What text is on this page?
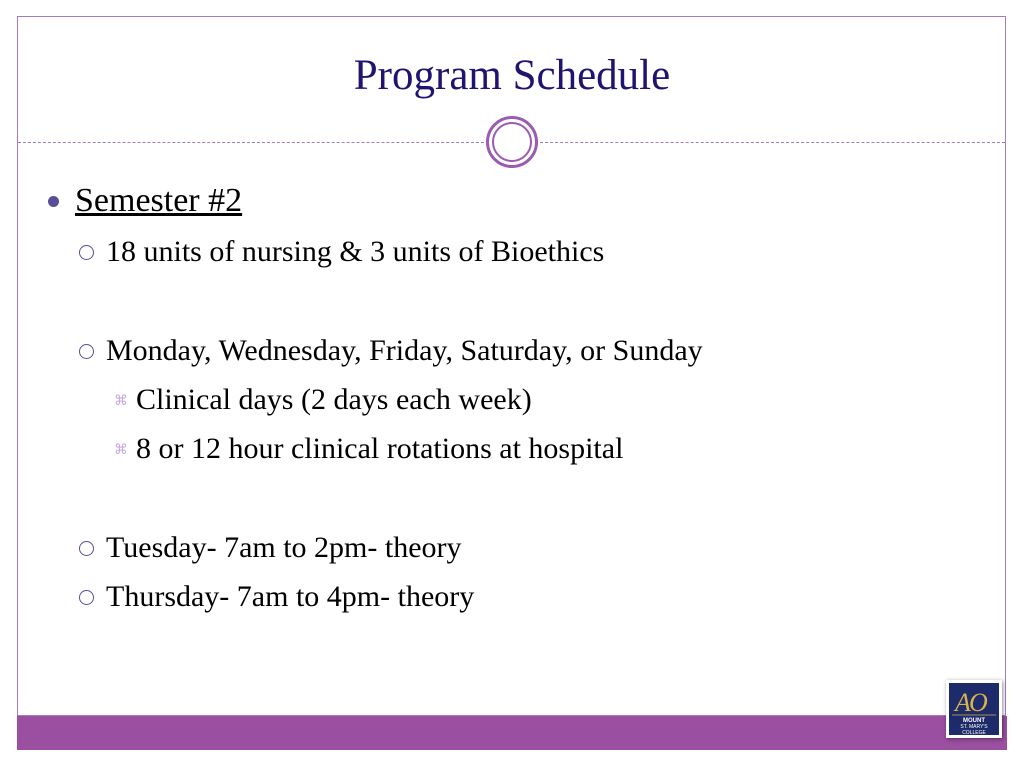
Program Schedule
Semester #2
18 units of nursing & 3 units of Bioethics
Monday, Wednesday, Friday, Saturday, or Sunday
⌘ Clinical days (2 days each week)
⌘ 8 or 12 hour clinical rotations at hospital
Tuesday- 7am to 2pm- theory
Thursday- 7am to 4pm- theory
A
O
MOUNT
ST. MARY'S
COLLEGE
